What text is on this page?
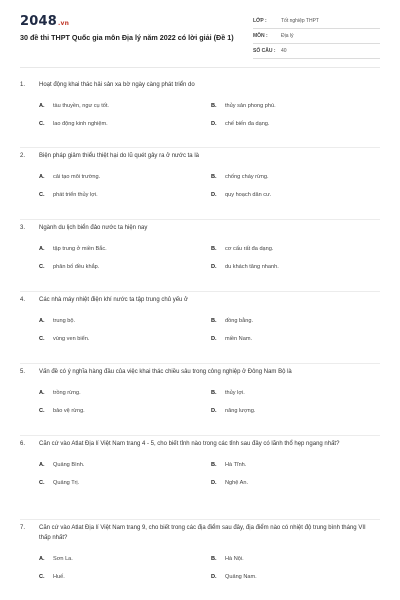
2048.vn
30 đề thi THPT Quốc gia môn Địa lý năm 2022 có lời giải (Đề 1)
LỚP :	Tốt nghiệp THPT
MÔN :	Địa lý
SỐ CÂU :	40
1.	Hoạt động khai thác hải sản xa bờ ngày càng phát triển do
A.	tàu thuyền, ngư cụ tốt.	B.	thủy sản phong phú.
C.	lao động kinh nghiệm.	D.	chế biến đa dạng.
2.	Biện pháp giảm thiểu thiệt hại do lũ quét gây ra ở nước ta là
A.	cải tạo môi trường.	B.	chống cháy rừng.
C.	phát triển thủy lợi.	D.	quy hoạch dân cư.
3.	Ngành du lịch biển đảo nước ta hiện nay
A.	tập trung ở miền Bắc.	B.	cơ cấu rất đa dạng.
C.	phân bố đều khắp.	D.	du khách tăng nhanh.
4.	Các nhà máy nhiệt điện khí nước ta tập trung chủ yếu ở
A.	trung bộ.	B.	đồng bằng.
C.	vùng ven biển.	D.	miền Nam.
5.	Vấn đề có ý nghĩa hàng đầu của việc khai thác chiều sâu trong công nghiệp ở Đông Nam Bộ là
A.	trồng rừng.	B.	thủy lợi.
C.	bảo vệ rừng.	D.	năng lượng.
6.	Căn cứ vào Atlat Địa lí Việt Nam trang 4 - 5, cho biết tỉnh nào trong các tỉnh sau đây có lãnh thổ hẹp ngang nhất?
A.	Quảng Bình.	B.	Hà Tĩnh.
C.	Quảng Trị.	D.	Nghệ An.
7.	Căn cứ vào Atlat Địa lí Việt Nam trang 9, cho biết trong các địa điểm sau đây, địa điểm nào có nhiệt độ trung bình tháng VII thấp nhất?
A.	Sơn La.	B.	Hà Nội.
C.	Huế.	D.	Quảng Nam.
